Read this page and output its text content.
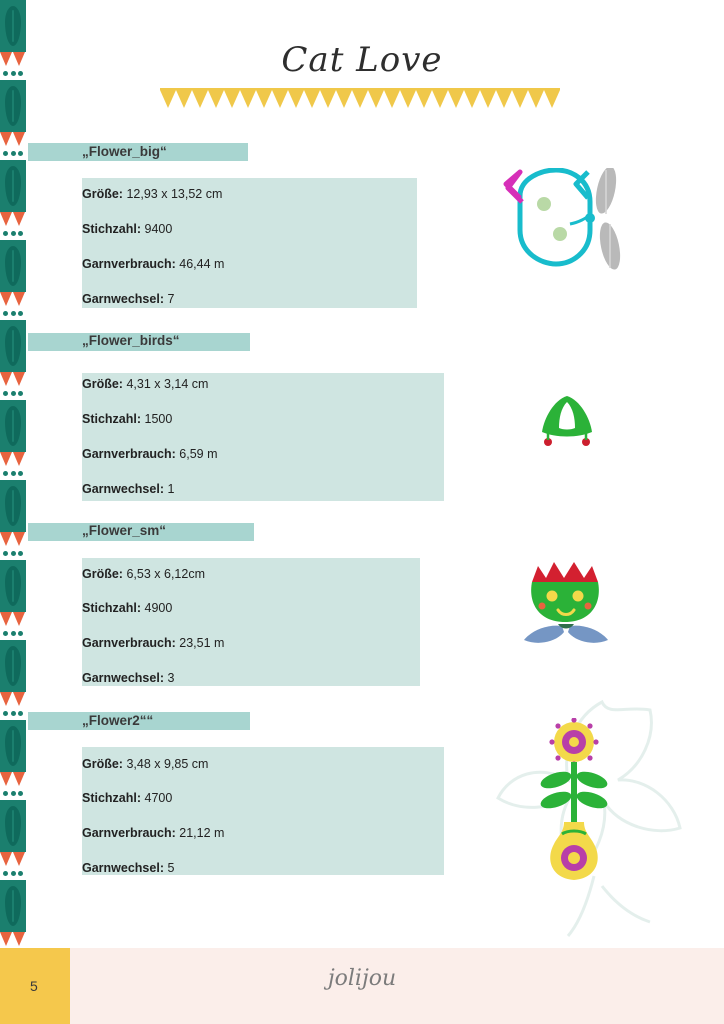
Cat Love
„Flower_big“
Größe: 12,93 x 13,52 cm
Stichzahl: 9400
Garnverbrauch: 46,44 m
Garnwechsel: 7
„Flower_birds“
Größe: 4,31 x 3,14 cm
Stichzahl: 1500
Garnverbrauch: 6,59 m
Garnwechsel: 1
„Flower_sm“
Größe: 6,53 x 6,12cm
Stichzahl: 4900
Garnverbrauch: 23,51 m
Garnwechsel: 3
„Flower2““
Größe: 3,48 x 9,85 cm
Stichzahl: 4700
Garnverbrauch: 21,12 m
Garnwechsel: 5
5	jolijou
